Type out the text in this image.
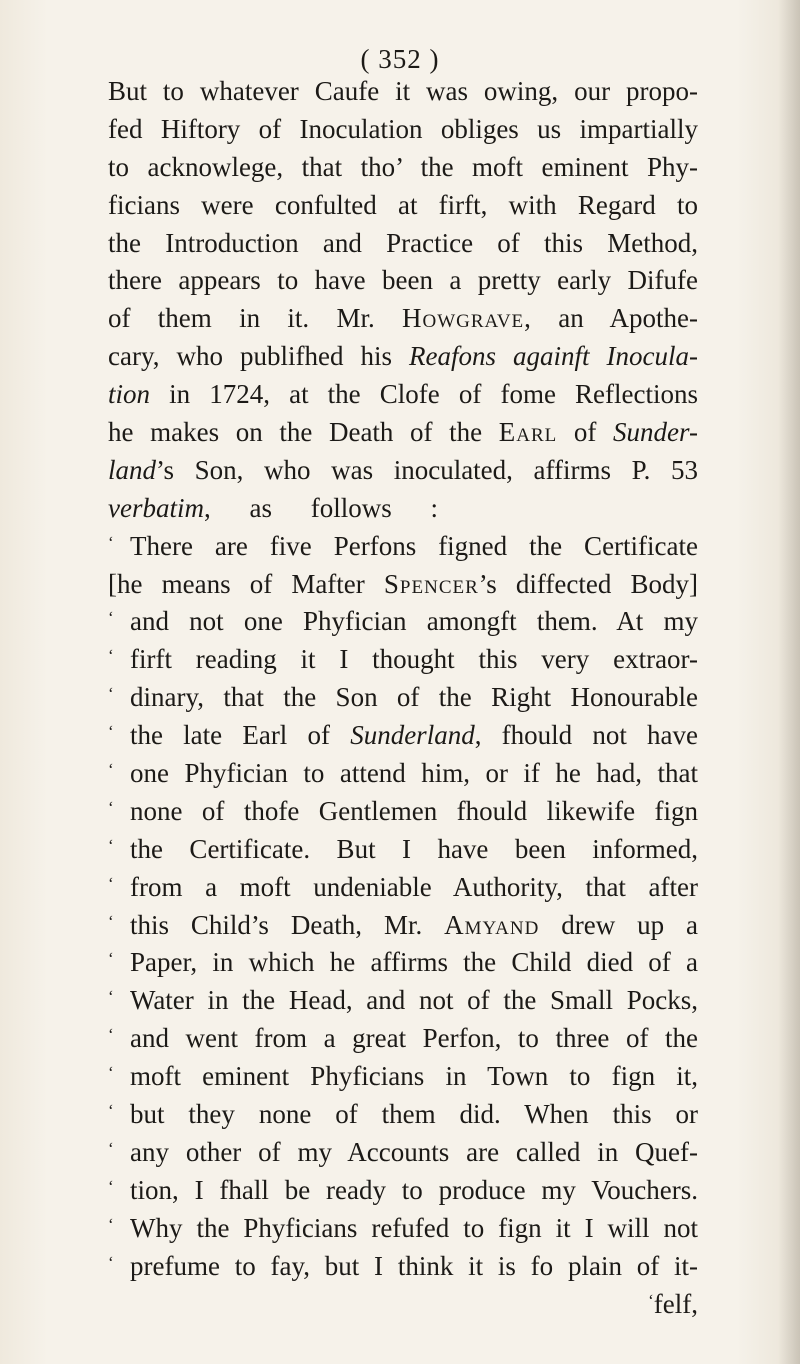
( 352 )
But to whatever Caufe it was owing, our propo-
fed Hiftory of Inoculation obliges us impartially
to acknowlege, that tho’ the moft eminent Phy-
ficians were confulted at firft, with Regard to
the Introduction and Practice of this Method,
there appears to have been a pretty early Difufe
of them in it. Mr. Howgrave, an Apothe-
cary, who publifhed his Reafons againft Inocula-
tion in 1724, at the Clofe of fome Reflections
he makes on the Death of the Earl of Sunder-
land’s Son, who was inoculated, affirms P. 53
verbatim, as follows :
‘ There are five Perfons figned the Certificate
[he means of Mafter Spencer’s diffected Body]
‘ and not one Phyfician amongft them. At my
‘ firft reading it I thought this very extraor-
‘ dinary, that the Son of the Right Honourable
‘ the late Earl of Sunderland, fhould not have
‘ one Phyfician to attend him, or if he had, that
‘ none of thofe Gentlemen fhould likewife fign
‘ the Certificate. But I have been informed,
‘ from a moft undeniable Authority, that after
‘ this Child’s Death, Mr. Amyand drew up a
‘ Paper, in which he affirms the Child died of a
‘ Water in the Head, and not of the Small Pocks,
‘ and went from a great Perfon, to three of the
‘ moft eminent Phyficians in Town to fign it,
‘ but they none of them did. When this or
‘ any other of my Accounts are called in Quef-
‘ tion, I fhall be ready to produce my Vouchers.
‘ Why the Phyficians refufed to fign it I will not
‘ prefume to fay, but I think it is fo plain of it-
‘felf,
